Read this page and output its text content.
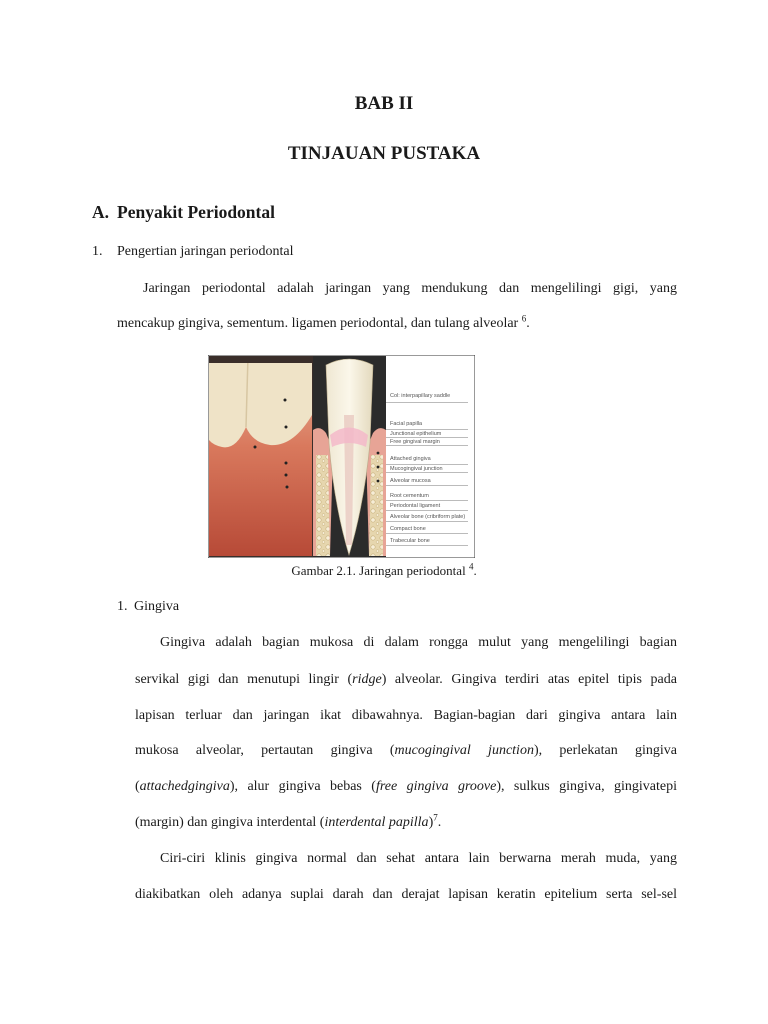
BAB II
TINJAUAN PUSTAKA
A. Penyakit Periodontal
1. Pengertian jaringan periodontal
Jaringan periodontal adalah jaringan yang mendukung dan mengelilingi gigi, yang
mencakup gingiva, sementum. ligamen periodontal, dan tulang alveolar $^6$.
Col: interpapillary saddle
Facial papilla
Junctional epithelium
Free gingival margin
Attached gingiva
Mucogingival junction
Alveolar mucosa
Root cementum
Periodontal ligament
Alveolar bone (cribriform plate)
Compact bone
Trabecular bone
Gambar 2.1. Jaringan periodontal $^4$.
1. Gingiva
Gingiva adalah bagian mukosa di dalam rongga mulut yang mengelilingi bagian
servikal gigi dan menutupi lingir (ridge) alveolar. Gingiva terdiri atas epitel tipis pada
lapisan terluar dan jaringan ikat dibawahnya. Bagian-bagian dari gingiva antara lain
mukosa alveolar, pertautan gingiva (mucogingival junction), perlekatan gingiva
(attachedgingiva), alur gingiva bebas (free gingiva groove), sulkus gingiva, gingivatepi
(margin) dan gingiva interdental (interdental papilla)$^7$.
Ciri-ciri klinis gingiva normal dan sehat antara lain berwarna merah muda, yang
diakibatkan oleh adanya suplai darah dan derajat lapisan keratin epitelium serta sel-sel
